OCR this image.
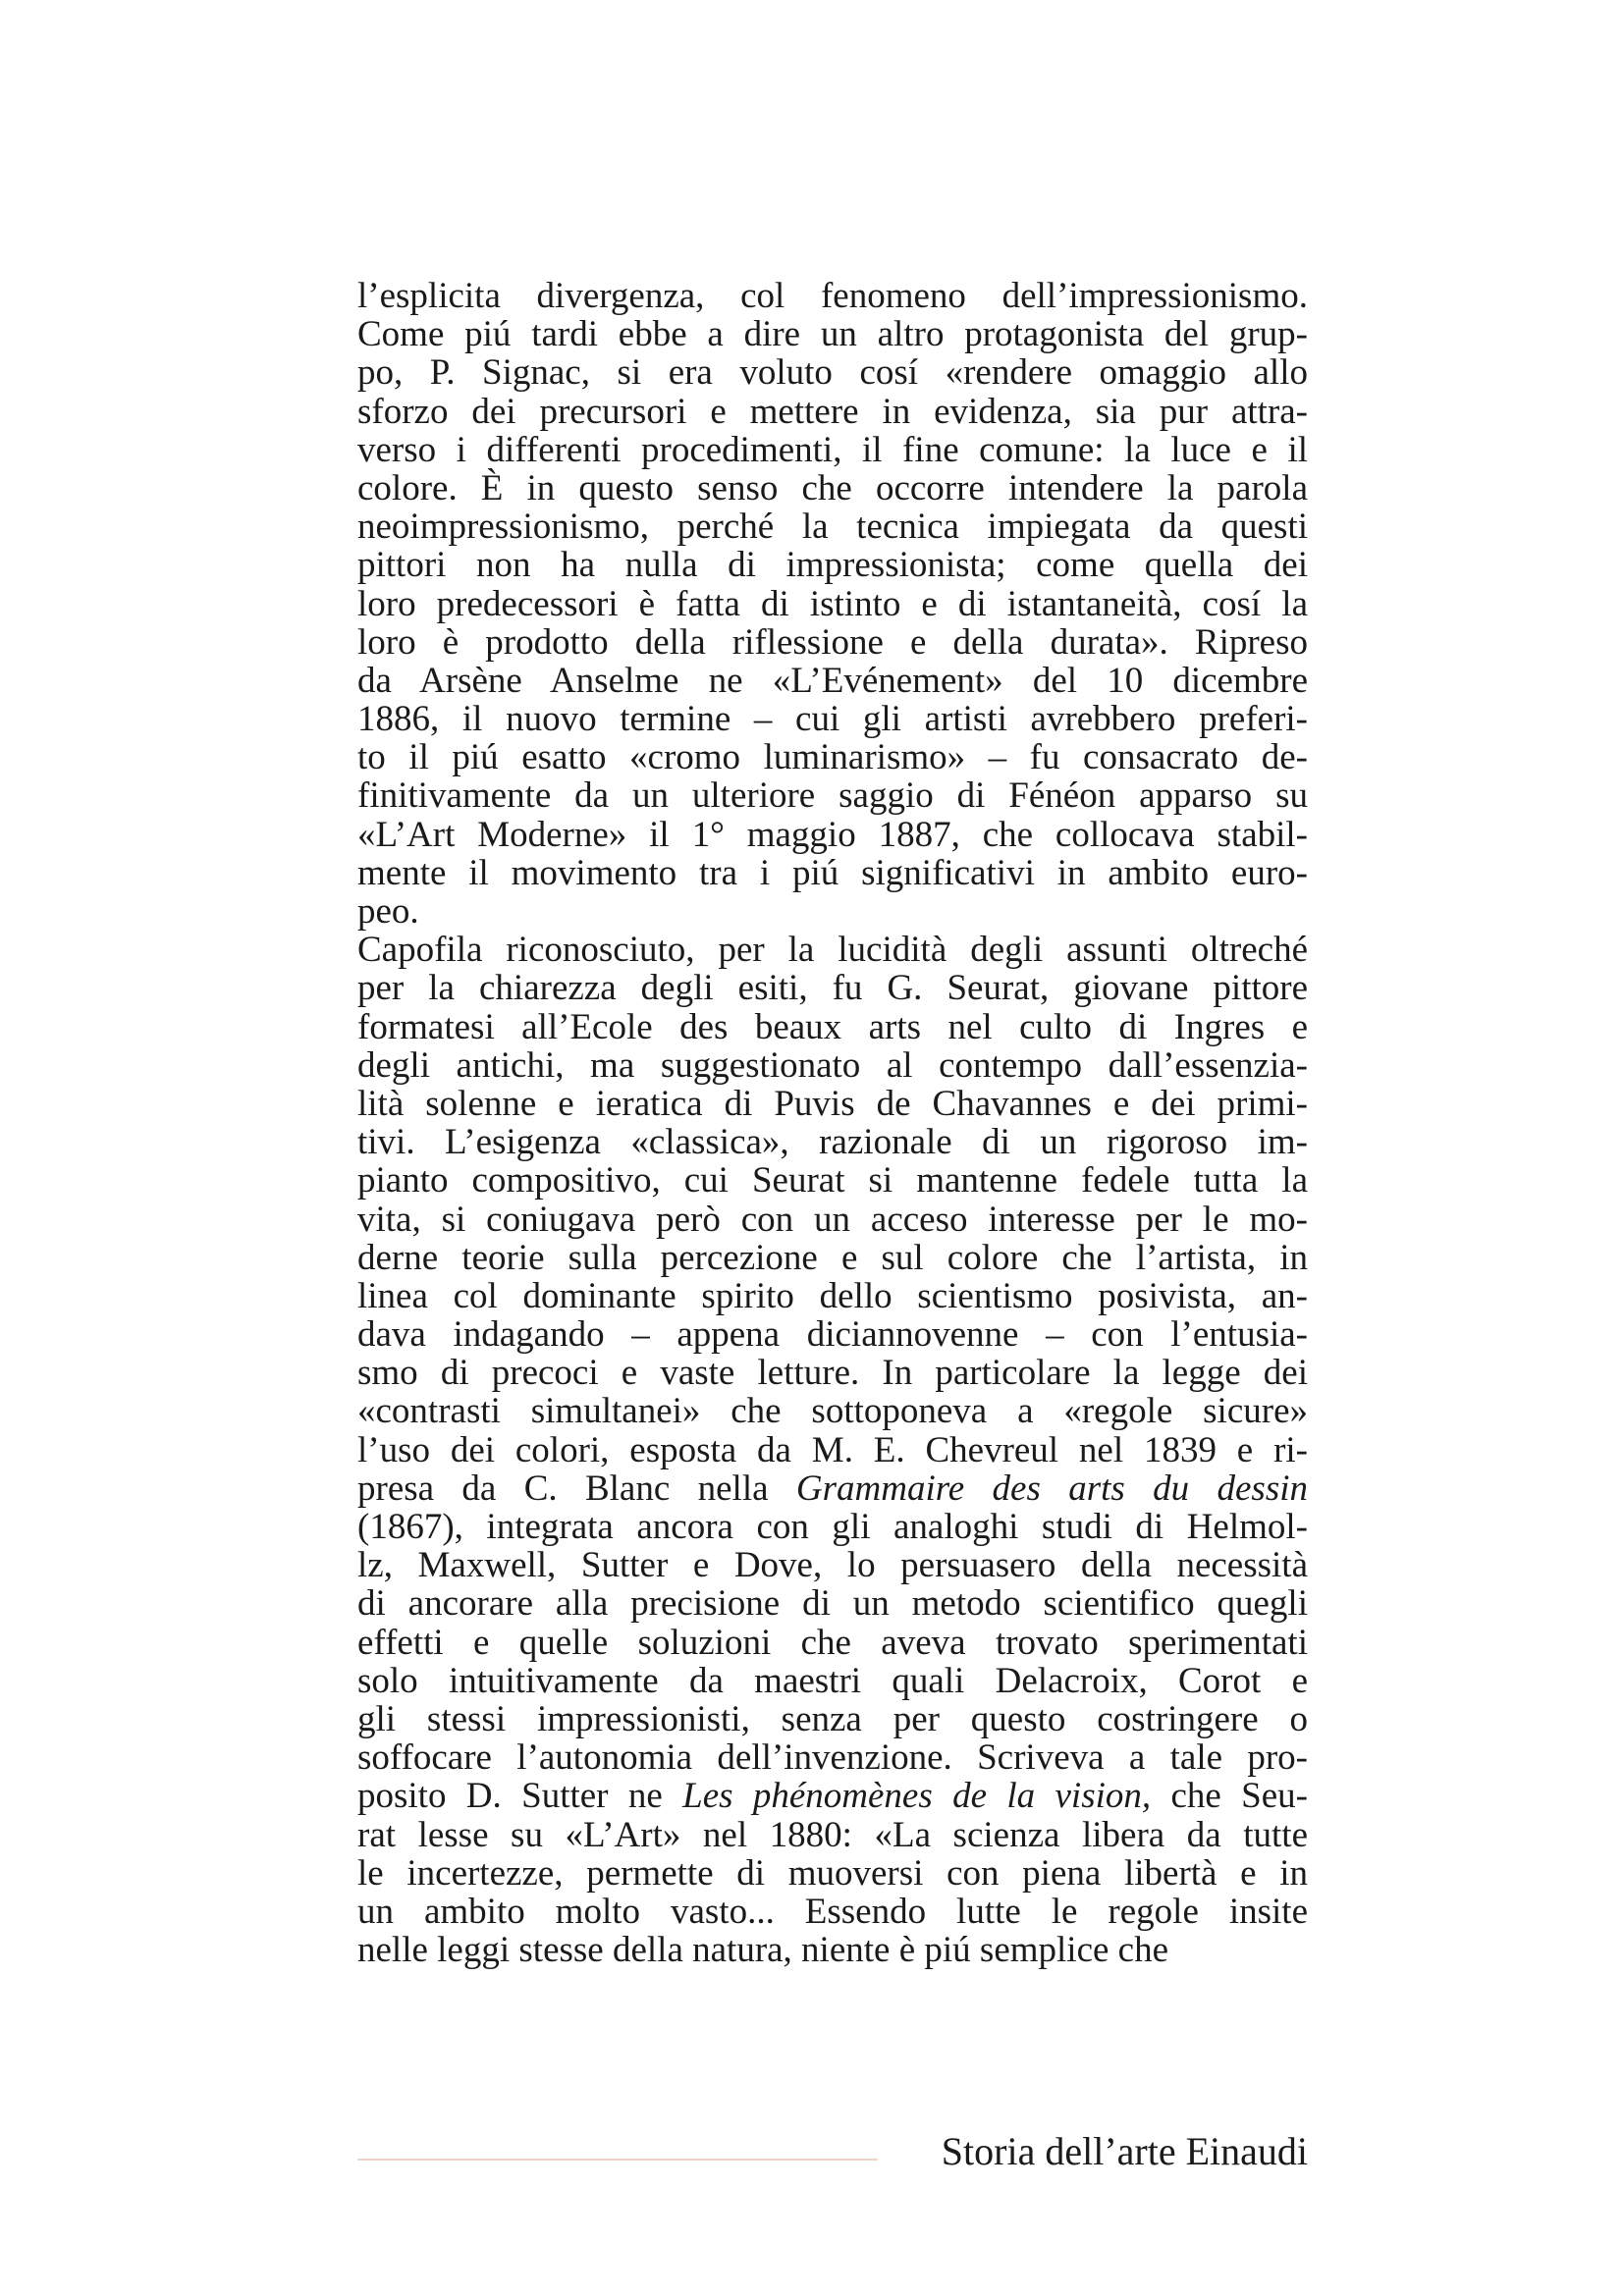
l’esplicita divergenza, col fenomeno dell’impressionismo.
Come piú tardi ebbe a dire un altro protagonista del grup-
po, P. Signac, si era voluto cosí «rendere omaggio allo
sforzo dei precursori e mettere in evidenza, sia pur attra-
verso i differenti procedimenti, il fine comune: la luce e il
colore. È in questo senso che occorre intendere la parola
neoimpressionismo, perché la tecnica impiegata da questi
pittori non ha nulla di impressionista; come quella dei
loro predecessori è fatta di istinto e di istantaneità, cosí la
loro è prodotto della riflessione e della durata». Ripreso
da Arsène Anselme ne «L’Evénement» del 10 dicembre
1886, il nuovo termine – cui gli artisti avrebbero preferi-
to il piú esatto «cromo luminarismo» – fu consacrato de-
finitivamente da un ulteriore saggio di Fénéon apparso su
«L’Art Moderne» il 1° maggio 1887, che collocava stabil-
mente il movimento tra i piú significativi in ambito euro-
peo.
Capofila riconosciuto, per la lucidità degli assunti oltreché
per la chiarezza degli esiti, fu G. Seurat, giovane pittore
formatesi all’Ecole des beaux arts nel culto di Ingres e
degli antichi, ma suggestionato al contempo dall’essenzia-
lità solenne e ieratica di Puvis de Chavannes e dei primi-
tivi. L’esigenza «classica», razionale di un rigoroso im-
pianto compositivo, cui Seurat si mantenne fedele tutta la
vita, si coniugava però con un acceso interesse per le mo-
derne teorie sulla percezione e sul colore che l’artista, in
linea col dominante spirito dello scientismo posivista, an-
dava indagando – appena diciannovenne – con l’entusia-
smo di precoci e vaste letture. In particolare la legge dei
«contrasti simultanei» che sottoponeva a «regole sicure»
l’uso dei colori, esposta da M. E. Chevreul nel 1839 e ri-
presa da C. Blanc nella Grammaire des arts du dessin
(1867), integrata ancora con gli analoghi studi di Helmol-
lz, Maxwell, Sutter e Dove, lo persuasero della necessità
di ancorare alla precisione di un metodo scientifico quegli
effetti e quelle soluzioni che aveva trovato sperimentati
solo intuitivamente da maestri quali Delacroix, Corot e
gli stessi impressionisti, senza per questo costringere o
soffocare l’autonomia dell’invenzione. Scriveva a tale pro-
posito D. Sutter ne Les phénomènes de la vision, che Seu-
rat lesse su «L’Art» nel 1880: «La scienza libera da tutte
le incertezze, permette di muoversi con piena libertà e in
un ambito molto vasto... Essendo lutte le regole insite
nelle leggi stesse della natura, niente è piú semplice che
Storia dell’arte Einaudi
